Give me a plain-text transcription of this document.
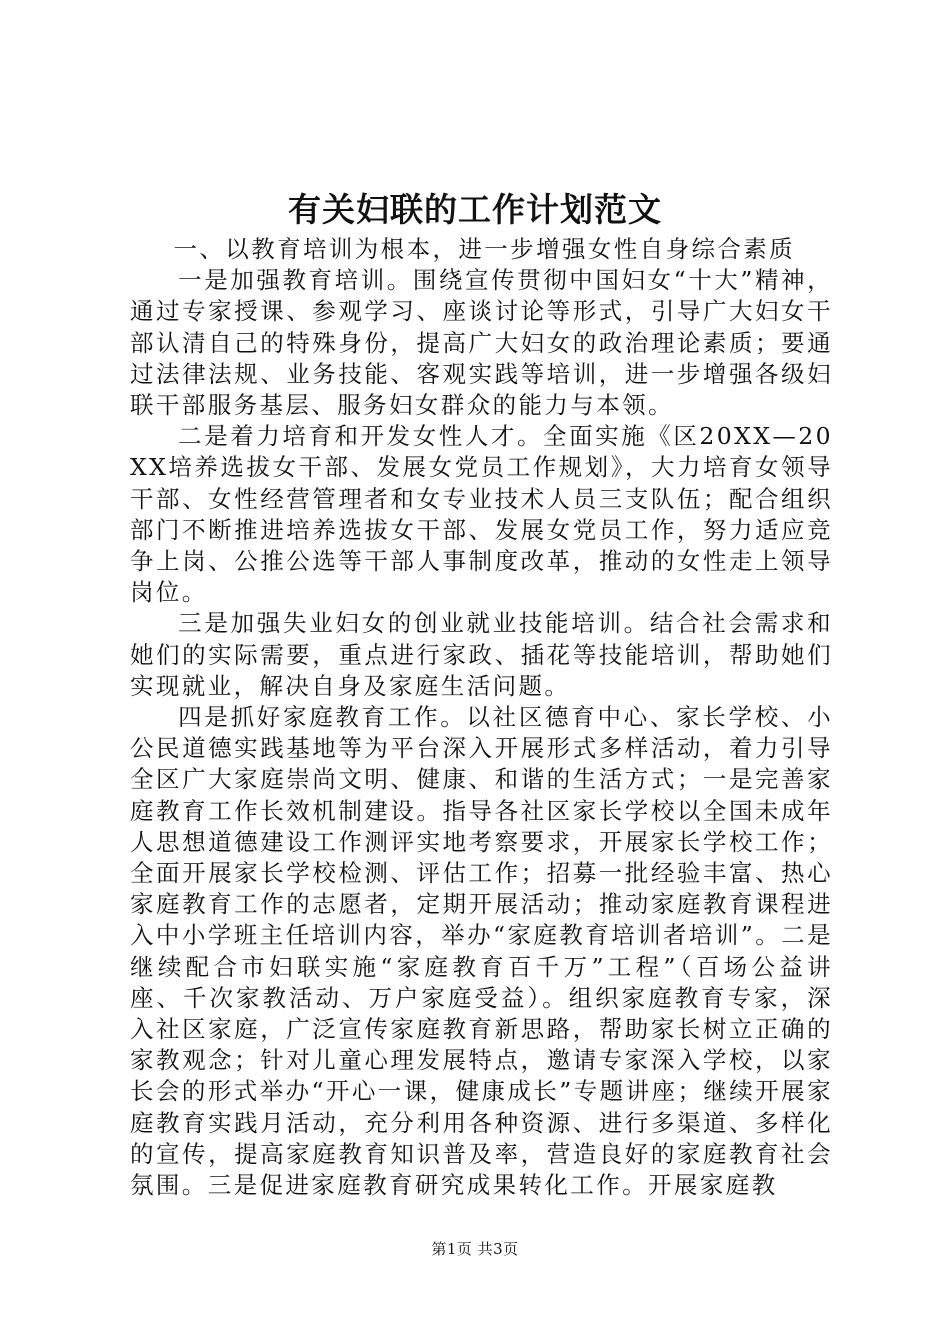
有关妇联的工作计划范文

一、以教育培训为根本，进一步增强女性自身综合素质

一是加强教育培训。围绕宣传贯彻中国妇女“十大”精神，通过专家授课、参观学习、座谈讨论等形式，引导广大妇女干部认清自己的特殊身份，提高广大妇女的政治理论素质；要通过法律法规、业务技能、客观实践等培训，进一步增强各级妇联干部服务基层、服务妇女群众的能力与本领。

二是着力培育和开发女性人才。全面实施《区20XX—20XX培养选拔女干部、发展女党员工作规划》，大力培育女领导干部、女性经营管理者和女专业技术人员三支队伍；配合组织部门不断推进培养选拔女干部、发展女党员工作，努力适应竞争上岗、公推公选等干部人事制度改革，推动的女性走上领导岗位。

三是加强失业妇女的创业就业技能培训。结合社会需求和她们的实际需要，重点进行家政、插花等技能培训，帮助她们实现就业，解决自身及家庭生活问题。

四是抓好家庭教育工作。以社区德育中心、家长学校、小公民道德实践基地等为平台深入开展形式多样活动，着力引导全区广大家庭崇尚文明、健康、和谐的生活方式；一是完善家庭教育工作长效机制建设。指导各社区家长学校以全国未成年人思想道德建设工作测评实地考察要求，开展家长学校工作；全面开展家长学校检测、评估工作；招募一批经验丰富、热心家庭教育工作的志愿者，定期开展活动；推动家庭教育课程进入中小学班主任培训内容，举办“家庭教育培训者培训”。二是继续配合市妇联实施“家庭教育百千万”工程”（百场公益讲座、千次家教活动、万户家庭受益）。组织家庭教育专家，深入社区家庭，广泛宣传家庭教育新思路，帮助家长树立正确的家教观念；针对儿童心理发展特点，邀请专家深入学校，以家长会的形式举办“开心一课，健康成长”专题讲座；继续开展家庭教育实践月活动，充分利用各种资源、进行多渠道、多样化的宣传，提高家庭教育知识普及率，营造良好的家庭教育社会氛围。三是促进家庭教育研究成果转化工作。开展家庭教

第1页 共3页
